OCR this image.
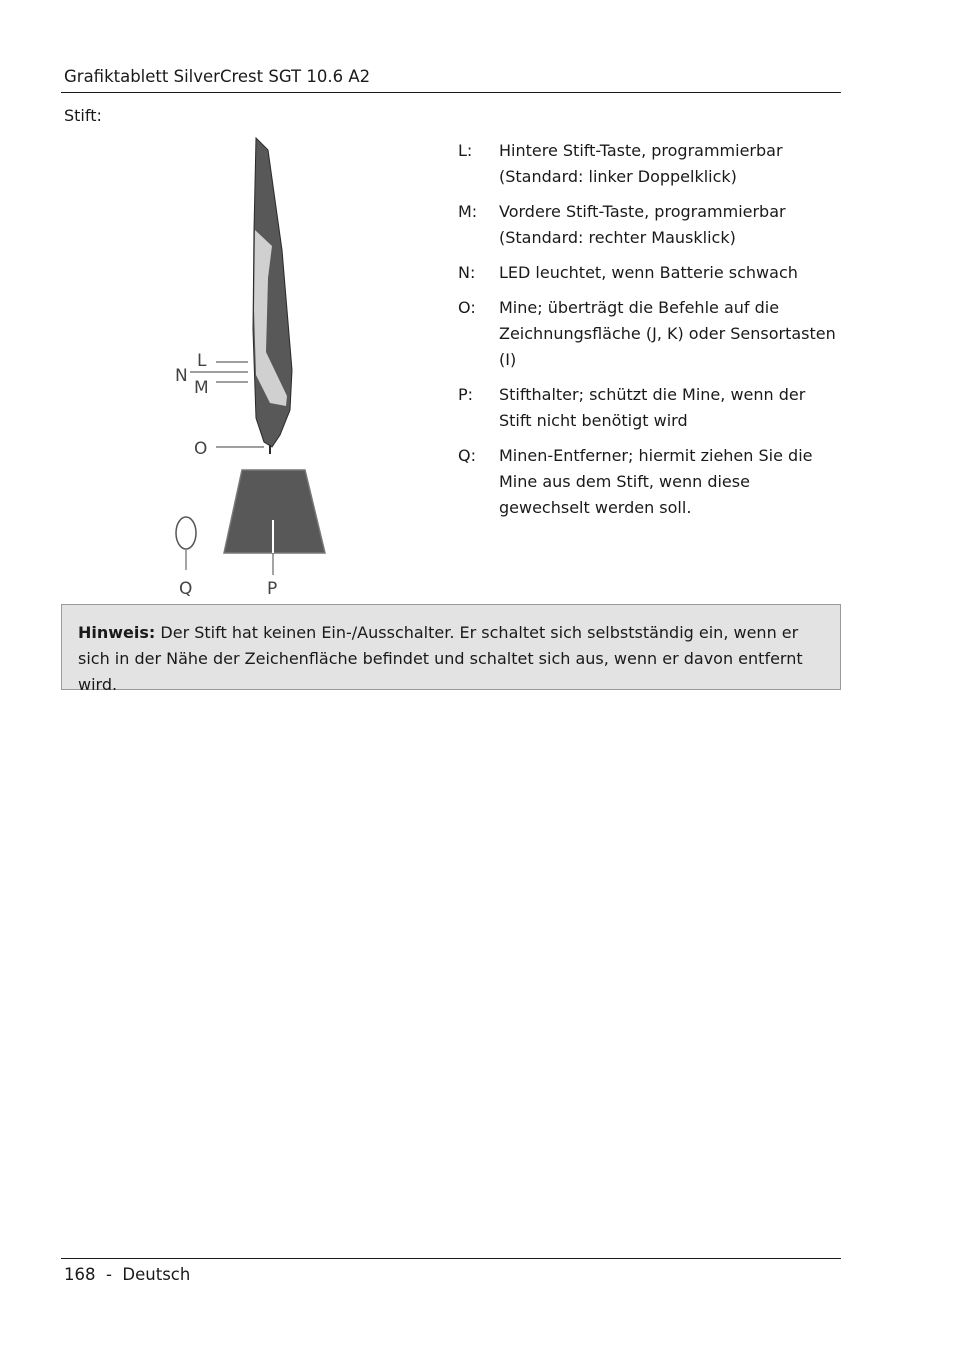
Grafiktablett SilverCrest SGT 10.6 A2
Stift:
L
N
M
O
P
Q
L:	Hintere Stift-Taste, programmierbar (Standard: linker Doppelklick)
M:	Vordere Stift-Taste, programmierbar (Standard: rechter Mausklick)
N:	LED leuchtet, wenn Batterie schwach
O:	Mine; überträgt die Befehle auf die Zeichnungsfläche (J, K) oder Sensortasten (I)
P:	Stifthalter; schützt die Mine, wenn der Stift nicht benötigt wird
Q:	Minen-Entferner; hiermit ziehen Sie die Mine aus dem Stift, wenn diese gewechselt werden soll.
Hinweis: Der Stift hat keinen Ein-/Ausschalter. Er schaltet sich selbstständig ein, wenn er sich in der Nähe der Zeichenfläche befindet und schaltet sich aus, wenn er davon entfernt wird.
168  -  Deutsch
